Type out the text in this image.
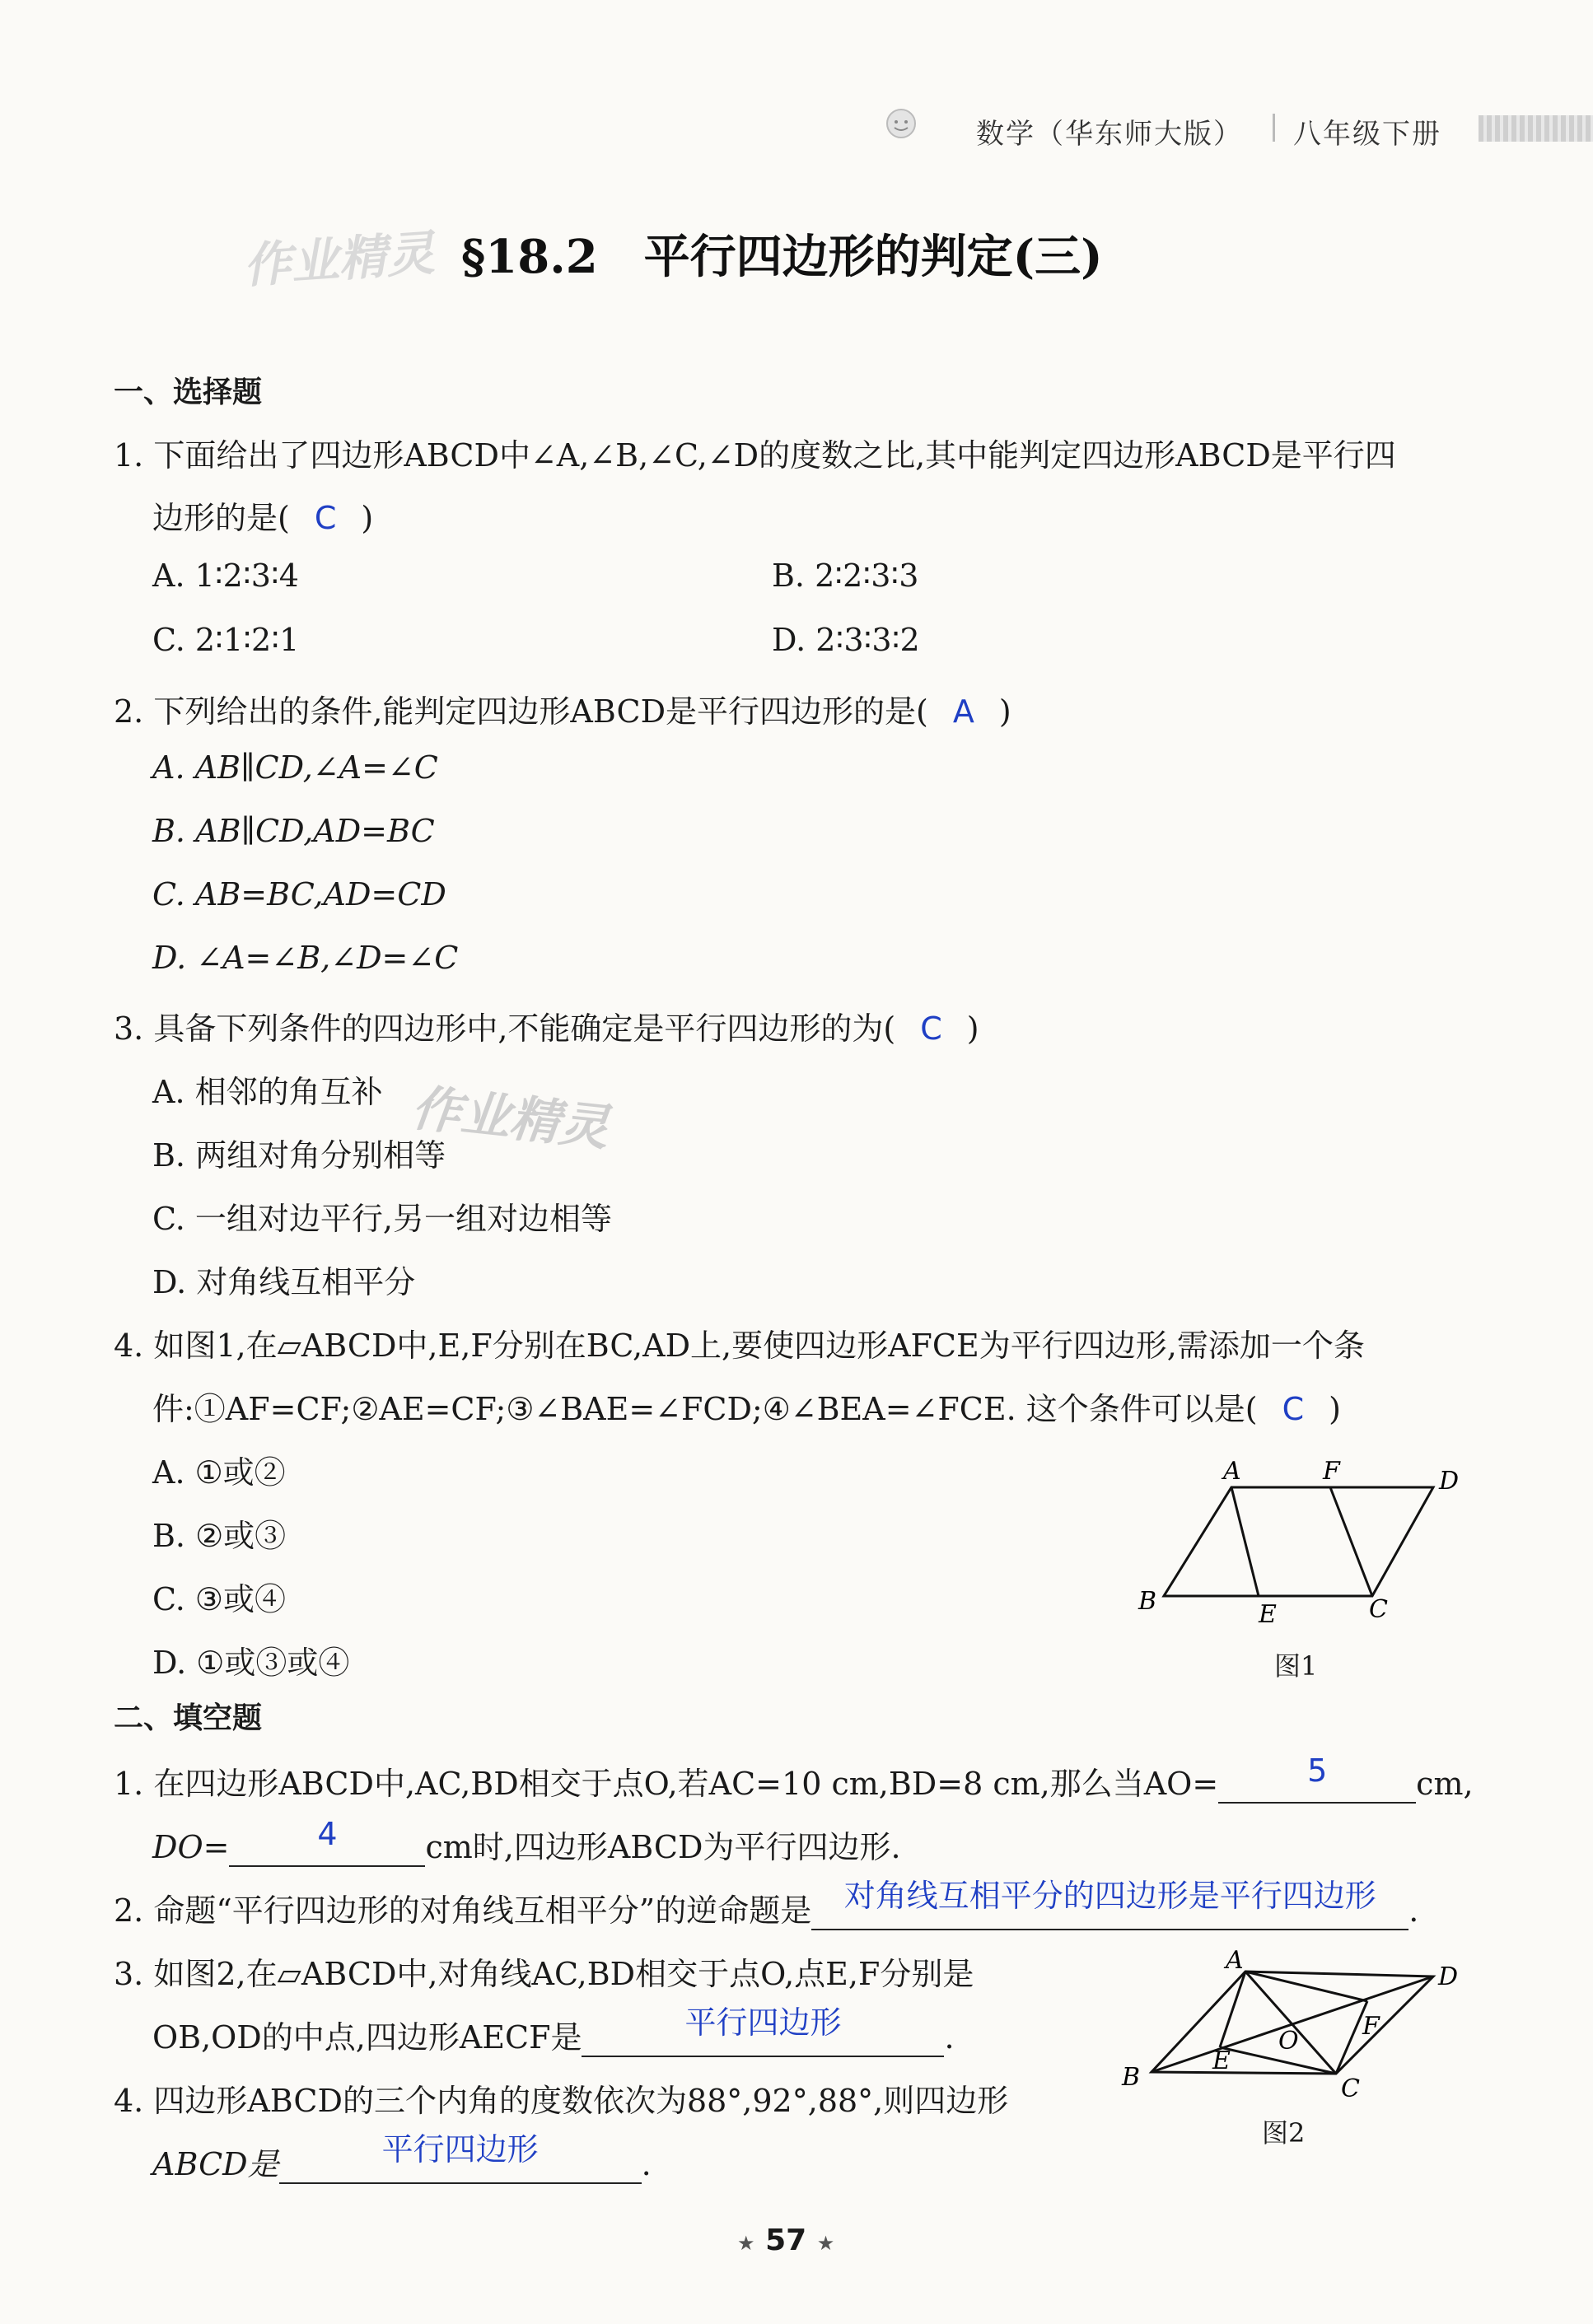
数学（华东师大版） 八年级下册
作业精灵 §18.2　平行四边形的判定(三)
一、选择题
1. 下面给出了四边形ABCD中∠A,∠B,∠C,∠D的度数之比,其中能判定四边形ABCD是平行四
边形的是( C )
A. 1∶2∶3∶4	B. 2∶2∶3∶3
C. 2∶1∶2∶1	D. 2∶3∶3∶2
2. 下列给出的条件,能判定四边形ABCD是平行四边形的是( A )
A. AB∥CD,∠A=∠C
B. AB∥CD,AD=BC
C. AB=BC,AD=CD
D. ∠A=∠B,∠D=∠C
3. 具备下列条件的四边形中,不能确定是平行四边形的为( C )
A. 相邻的角互补 作业精灵
B. 两组对角分别相等
C. 一组对边平行,另一组对边相等
D. 对角线互相平分
4. 如图1,在▱ABCD中,E,F分别在BC,AD上,要使四边形AFCE为平行四边形,需添加一个条
件:①AF=CF;②AE=CF;③∠BAE=∠FCD;④∠BEA=∠FCE. 这个条件可以是( C )
A. ①或②
B. ②或③
C. ③或④
D. ①或③或④
A	F	D
B	E	C
图1
二、填空题
1. 在四边形ABCD中,AC,BD相交于点O,若AC=10 cm,BD=8 cm,那么当AO=	5	cm,
DO=	4	cm时,四边形ABCD为平行四边形.
2. 命题“平行四边形的对角线互相平分”的逆命题是	对角线互相平分的四边形是平行四边形	.
3. 如图2,在▱ABCD中,对角线AC,BD相交于点O,点E,F分别是
OB,OD的中点,四边形AECF是	平行四边形	.
4. 四边形ABCD的三个内角的度数依次为88°,92°,88°,则四边形
ABCD是	平行四边形	.
A
D
F
O
E
B	C
图2
★ 57 ★
